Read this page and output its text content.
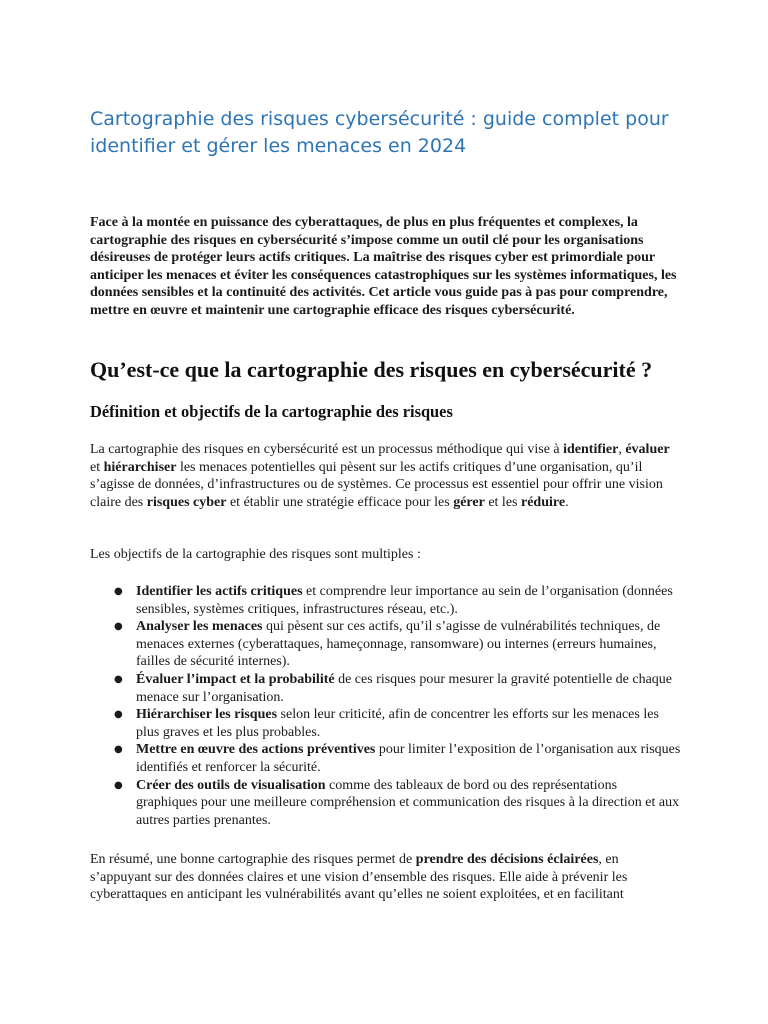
Cartographie des risques cybersécurité : guide complet pour identifier et gérer les menaces en 2024

Face à la montée en puissance des cyberattaques, de plus en plus fréquentes et complexes, la cartographie des risques en cybersécurité s’impose comme un outil clé pour les organisations désireuses de protéger leurs actifs critiques. La maîtrise des risques cyber est primordiale pour anticiper les menaces et éviter les conséquences catastrophiques sur les systèmes informatiques, les données sensibles et la continuité des activités. Cet article vous guide pas à pas pour comprendre, mettre en œuvre et maintenir une cartographie efficace des risques cybersécurité.

Qu’est-ce que la cartographie des risques en cybersécurité ?
Définition et objectifs de la cartographie des risques

La cartographie des risques en cybersécurité est un processus méthodique qui vise à identifier, évaluer et hiérarchiser les menaces potentielles qui pèsent sur les actifs critiques d’une organisation, qu’il s’agisse de données, d’infrastructures ou de systèmes. Ce processus est essentiel pour offrir une vision claire des risques cyber et établir une stratégie efficace pour les gérer et les réduire.

Les objectifs de la cartographie des risques sont multiples :

● Identifier les actifs critiques et comprendre leur importance au sein de l’organisation (données sensibles, systèmes critiques, infrastructures réseau, etc.).
● Analyser les menaces qui pèsent sur ces actifs, qu’il s’agisse de vulnérabilités techniques, de menaces externes (cyberattaques, hameçonnage, ransomware) ou internes (erreurs humaines, failles de sécurité internes).
● Évaluer l’impact et la probabilité de ces risques pour mesurer la gravité potentielle de chaque menace sur l’organisation.
● Hiérarchiser les risques selon leur criticité, afin de concentrer les efforts sur les menaces les plus graves et les plus probables.
● Mettre en œuvre des actions préventives pour limiter l’exposition de l’organisation aux risques identifiés et renforcer la sécurité.
● Créer des outils de visualisation comme des tableaux de bord ou des représentations graphiques pour une meilleure compréhension et communication des risques à la direction et aux autres parties prenantes.

En résumé, une bonne cartographie des risques permet de prendre des décisions éclairées, en s’appuyant sur des données claires et une vision d’ensemble des risques. Elle aide à prévenir les cyberattaques en anticipant les vulnérabilités avant qu’elles ne soient exploitées, et en facilitant
